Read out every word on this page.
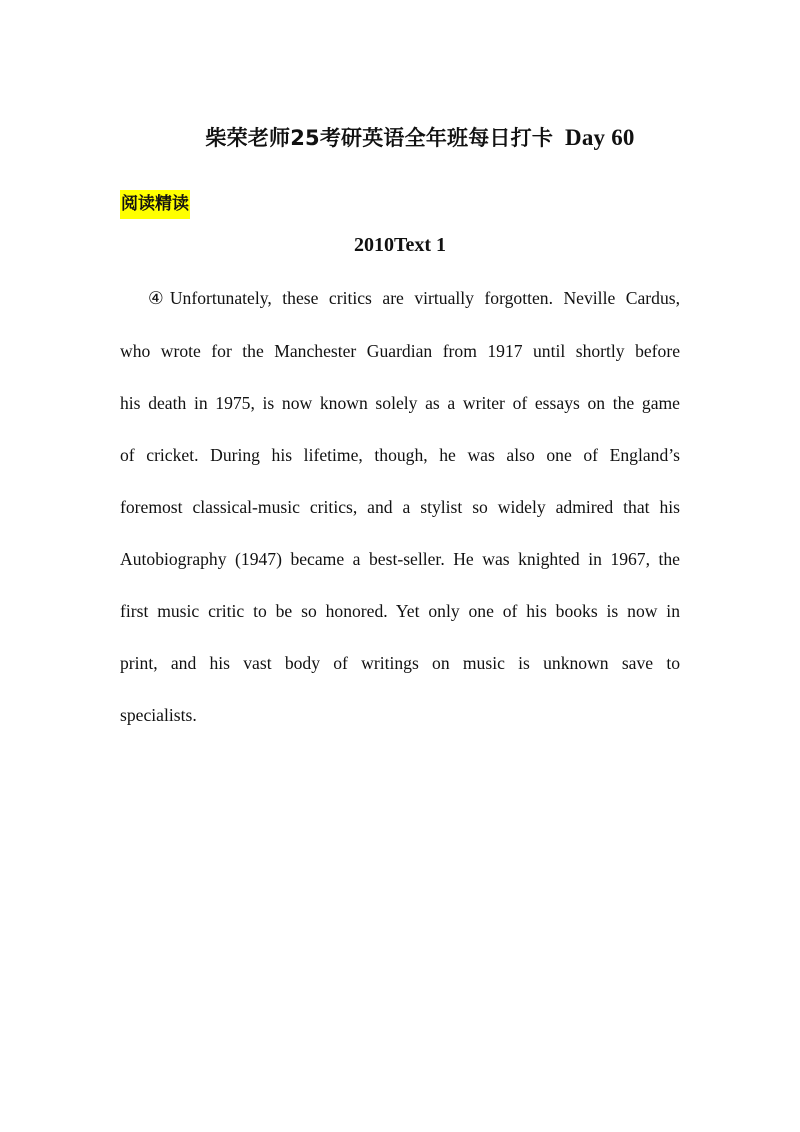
柴荣老师25考研英语全年班每日打卡 Day 60
阅读精读
2010Text 1
④Unfortunately, these critics are virtually forgotten. Neville Cardus,
who wrote for the Manchester Guardian from 1917 until shortly before
his death in 1975, is now known solely as a writer of essays on the game
of cricket. During his lifetime, though, he was also one of England’s
foremost classical-music critics, and a stylist so widely admired that his
Autobiography (1947) became a best-seller. He was knighted in 1967, the
first music critic to be so honored. Yet only one of his books is now in
print, and his vast body of writings on music is unknown save to
specialists.
